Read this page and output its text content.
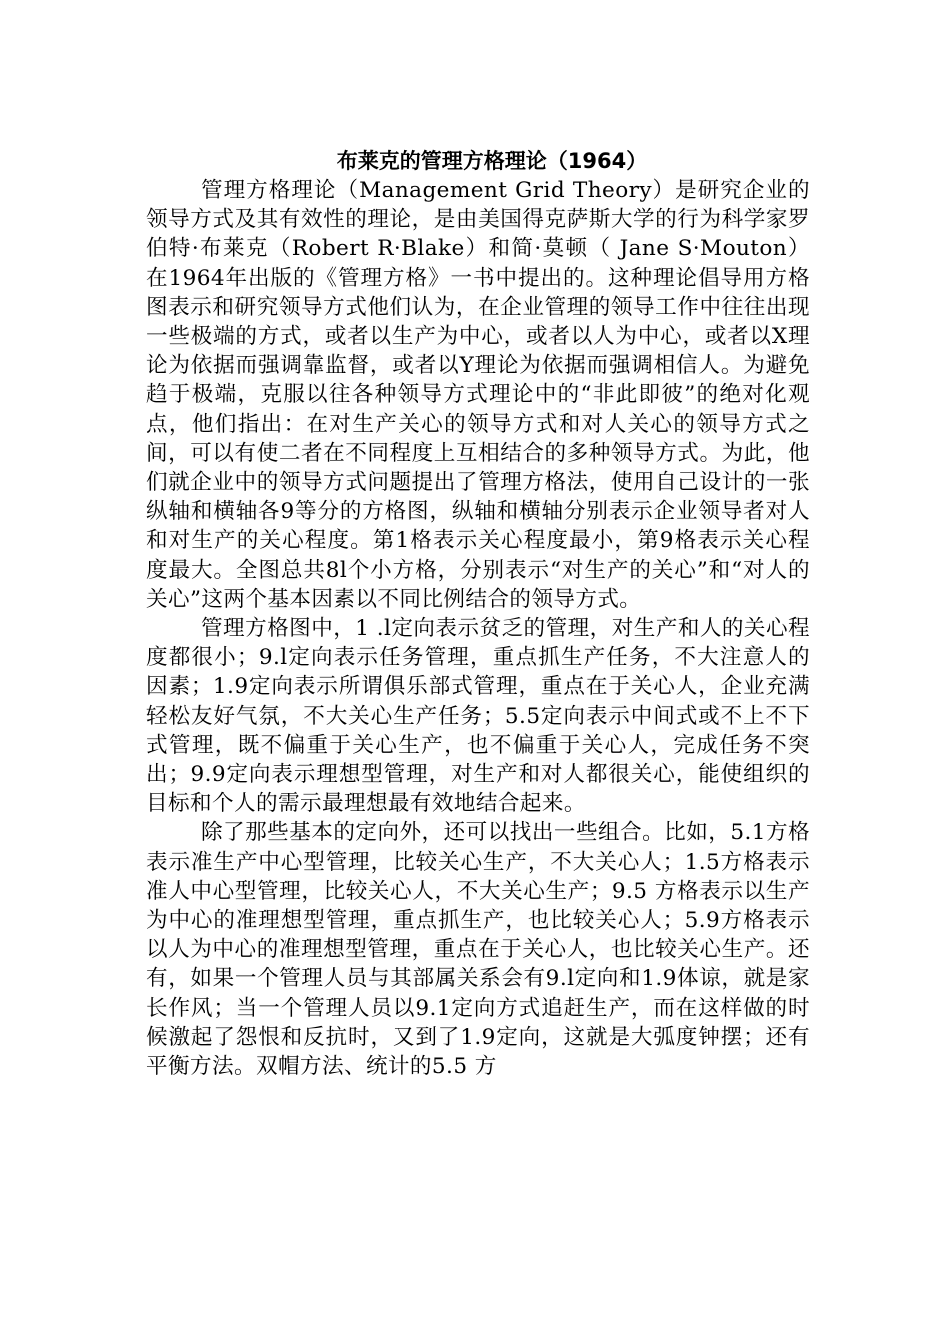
布莱克的管理方格理论（1964）

管理方格理论（Management Grid Theory）是研究企业的领导方式及其有效性的理论，是由美国得克萨斯大学的行为科学家罗伯特·布莱克（Robert R·Blake）和简·莫顿（ Jane S·Mouton）在1964年出版的《管理方格》一书中提出的。这种理论倡导用方格图表示和研究领导方式他们认为，在企业管理的领导工作中往往出现一些极端的方式，或者以生产为中心，或者以人为中心，或者以X理论为依据而强调靠监督，或者以Y理论为依据而强调相信人。为避免趋于极端，克服以往各种领导方式理论中的“非此即彼”的绝对化观点，他们指出：在对生产关心的领导方式和对人关心的领导方式之间，可以有使二者在不同程度上互相结合的多种领导方式。为此，他们就企业中的领导方式问题提出了管理方格法，使用自己设计的一张纵轴和横轴各9等分的方格图，纵轴和横轴分别表示企业领导者对人和对生产的关心程度。第1格表示关心程度最小，第9格表示关心程度最大。全图总共8l个小方格，分别表示“对生产的关心”和“对人的关心”这两个基本因素以不同比例结合的领导方式。

管理方格图中，1 .l定向表示贫乏的管理，对生产和人的关心程度都很小；9.l定向表示任务管理，重点抓生产任务，不大注意人的因素；1.9定向表示所谓俱乐部式管理，重点在于关心人，企业充满轻松友好气氛，不大关心生产任务；5.5定向表示中间式或不上不下式管理，既不偏重于关心生产，也不偏重于关心人，完成任务不突出；9.9定向表示理想型管理，对生产和对人都很关心，能使组织的目标和个人的需示最理想最有效地结合起来。

除了那些基本的定向外，还可以找出一些组合。比如，5.1方格表示准生产中心型管理，比较关心生产，不大关心人；1.5方格表示准人中心型管理，比较关心人，不大关心生产；9.5 方格表示以生产为中心的准理想型管理，重点抓生产，也比较关心人；5.9方格表示以人为中心的准理想型管理，重点在于关心人，也比较关心生产。还有，如果一个管理人员与其部属关系会有9.l定向和1.9体谅，就是家长作风；当一个管理人员以9.1定向方式追赶生产，而在这样做的时候激起了怨恨和反抗时，又到了1.9定向，这就是大弧度钟摆；还有平衡方法。双帽方法、统计的5.5 方
